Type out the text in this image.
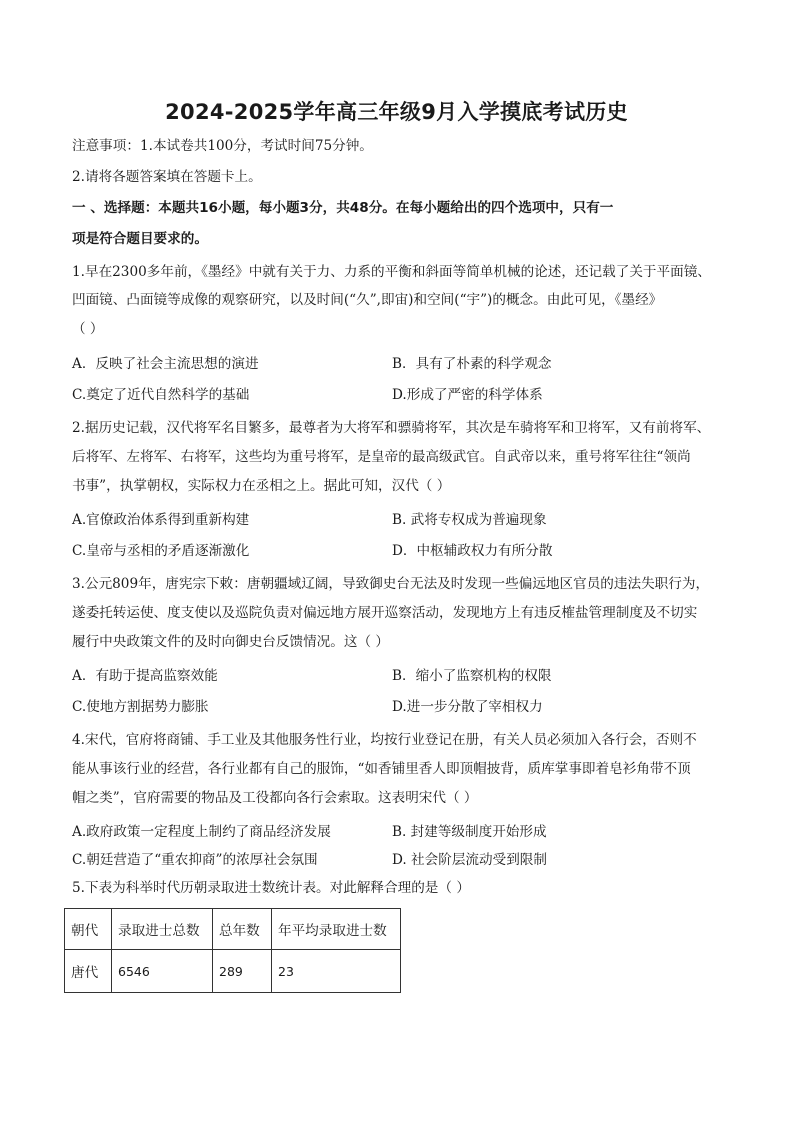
2024-2025学年高三年级9月入学摸底考试历史
注意事项：1.本试卷共100分，考试时间75分钟。
2.请将各题答案填在答题卡上。
一 、选择题：本题共16小题，每小题3分，共48分。在每小题给出的四个选项中，只有一
项是符合题目要求的。
1.早在2300多年前，《墨经》中就有关于力、力系的平衡和斜面等简单机械的论述，还记载了关于平面镜、
凹面镜、凸面镜等成像的观察研究，以及时间(“久”,即宙)和空间(“宇”)的概念。由此可见，《墨经》
（ ）
A．反映了社会主流思想的演进	B．具有了朴素的科学观念
C.奠定了近代自然科学的基础	D.形成了严密的科学体系
2.据历史记载，汉代将军名目繁多，最尊者为大将军和骠骑将军，其次是车骑将军和卫将军，又有前将军、
后将军、左将军、右将军，这些均为重号将军，是皇帝的最高级武官。自武帝以来，重号将军往往“领尚
书事”，执掌朝权，实际权力在丞相之上。据此可知，汉代（ ）
A.官僚政治体系得到重新构建	B. 武将专权成为普遍现象
C.皇帝与丞相的矛盾逐渐激化	D．中枢辅政权力有所分散
3.公元809年，唐宪宗下敕：唐朝疆域辽阔，导致御史台无法及时发现一些偏远地区官员的违法失职行为，
遂委托转运使、度支使以及巡院负责对偏远地方展开巡察活动，发现地方上有违反榷盐管理制度及不切实
履行中央政策文件的及时向御史台反馈情况。这（ ）
A．有助于提高监察效能	B．缩小了监察机构的权限
C.使地方割据势力膨胀	D.进一步分散了宰相权力
4.宋代，官府将商铺、手工业及其他服务性行业，均按行业登记在册，有关人员必须加入各行会，否则不
能从事该行业的经营，各行业都有自己的服饰，“如香铺里香人即顶帽披背，质库掌事即着皂衫角带不顶
帽之类”，官府需要的物品及工役都向各行会索取。这表明宋代（ ）
A.政府政策一定程度上制约了商品经济发展	B. 封建等级制度开始形成
C.朝廷营造了“重农抑商”的浓厚社会氛围	D. 社会阶层流动受到限制
5.下表为科举时代历朝录取进士数统计表。对此解释合理的是（ ）
朝代	录取进士总数	总年数	年平均录取进士数
唐代	6546	289	23
